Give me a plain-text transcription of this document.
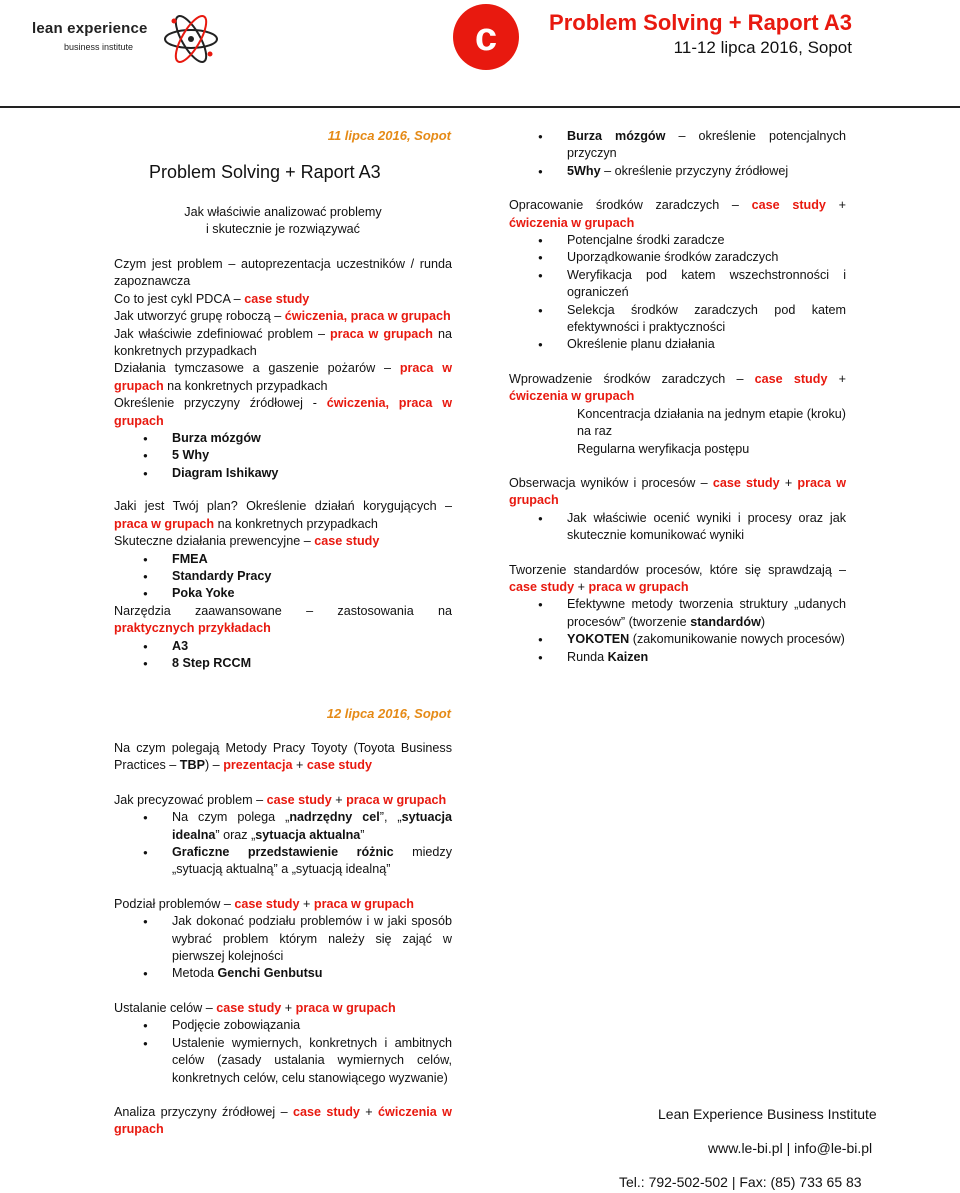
lean experience
business institute	c	Problem Solving + Raport A3
11-12 lipca 2016, Sopot
11 lipca 2016, Sopot
Problem Solving + Raport A3
Jak właściwie analizować problemy
i skutecznie je rozwiązywać

Czym jest problem – autoprezentacja uczestników / runda zapoznawcza

Co to jest cykl PDCA – case study

Jak utworzyć grupę roboczą – ćwiczenia, praca w grupach

Jak właściwie zdefiniować problem – praca w grupach na konkretnych przypadkach

Działania tymczasowe a gaszenie pożarów – praca w grupach na konkretnych przypadkach

Określenie przyczyny źródłowej - ćwiczenia, praca w grupach

● Burza mózgów
● 5 Why
● Diagram Ishikawy

Jaki jest Twój plan? Określenie działań korygujących – praca w grupach na konkretnych przypadkach

Skuteczne działania prewencyjne – case study

● FMEA
● Standardy Pracy
● Poka Yoke

Narzędzia zaawansowane – zastosowania na praktycznych przykładach

● A3
● 8 Step RCCM
12 lipca 2016, Sopot

Na czym polegają Metody Pracy Toyoty (Toyota Business Practices – TBP) – prezentacja + case study

Jak precyzować problem – case study + praca w grupach

● Na czym polega „nadrzędny cel”, „sytuacja idealna” oraz „sytuacja aktualna”
● Graficzne przedstawienie różnic miedzy „sytuacją aktualną” a „sytuacją idealną”

Podział problemów – case study + praca w grupach

● Jak dokonać podziału problemów i w jaki sposób wybrać problem którym należy się zająć w pierwszej kolejności
● Metoda Genchi Genbutsu

Ustalanie celów – case study + praca w grupach

● Podjęcie zobowiązania
● Ustalenie wymiernych, konkretnych i ambitnych celów (zasady ustalania wymiernych celów, konkretnych celów, celu stanowiącego wyzwanie)

Analiza przyczyny źródłowej – case study + ćwiczenia w grupach

● Burza mózgów – określenie potencjalnych przyczyn
● 5Why – określenie przyczyny źródłowej

Opracowanie środków zaradczych – case study + ćwiczenia w grupach

● Potencjalne środki zaradcze
● Uporządkowanie środków zaradczych
● Weryfikacja pod katem wszechstronności i ograniczeń
● Selekcja środków zaradczych pod katem efektywności i praktyczności
● Określenie planu działania

Wprowadzenie środków zaradczych – case study + ćwiczenia w grupach

Koncentracja działania na jednym etapie (kroku) na raz

Regularna weryfikacja postępu

Obserwacja wyników i procesów – case study + praca w grupach

● Jak właściwie ocenić wyniki i procesy oraz jak skutecznie komunikować wyniki

Tworzenie standardów procesów, które się sprawdzają – case study + praca w grupach

● Efektywne metody tworzenia struktury „udanych procesów” (tworzenie standardów)
● YOKOTEN (zakomunikowanie nowych procesów)
● Runda Kaizen
Lean Experience Business Institute
www.le-bi.pl | info@le-bi.pl
Tel.: 792-502-502 | Fax: (85) 733 65 83
